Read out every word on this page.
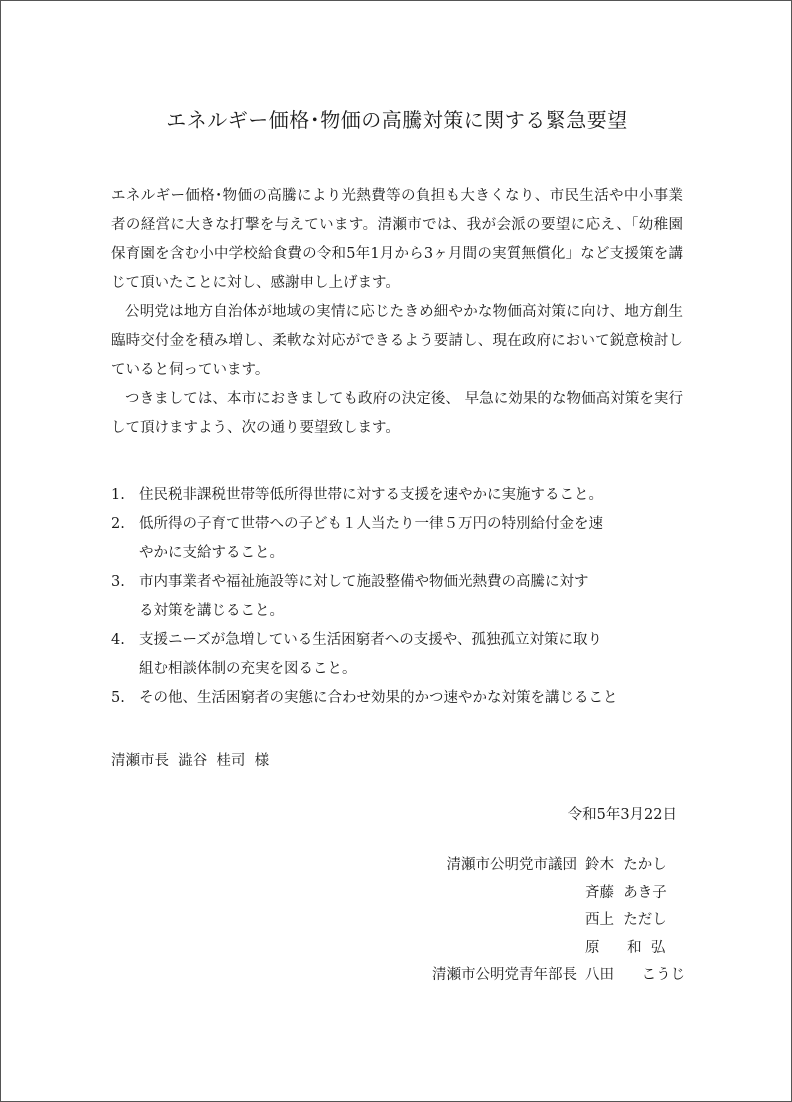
エネルギー価格･物価の高騰対策に関する緊急要望

エネルギー価格･物価の高騰により光熱費等の負担も大きくなり、市民生活や中小事業者の経営に大きな打撃を与えています。清瀬市では、我が会派の要望に応え、「幼稚園保育園を含む小中学校給食費の令和5年1月から3ヶ月間の実質無償化」など支援策を講じて頂いたことに対し、感謝申し上げます。

公明党は地方自治体が地域の実情に応じたきめ細やかな物価高対策に向け、地方創生臨時交付金を積み増し、柔軟な対応ができるよう要請し、現在政府において鋭意検討していると伺っています。

つきましては、本市におきましても政府の決定後、 早急に効果的な物価高対策を実行して頂けますよう、次の通り要望致します。

1. 住民税非課税世帯等低所得世帯に対する支援を速やかに実施すること。
2. 低所得の子育て世帯への子ども１人当たり一律５万円の特別給付金を速
やかに支給すること。
3. 市内事業者や福祉施設等に対して施設整備や物価光熱費の高騰に対す
る対策を講じること。
4. 支援ニーズが急増している生活困窮者への支援や、孤独孤立対策に取り
組む相談体制の充実を図ること。
5. その他、生活困窮者の実態に合わせ効果的かつ速やかな対策を講じること
清瀬市長  澁谷  桂司  様
令和5年3月22日
清瀬市公明党市議団 鈴木  たかし
斉藤  あき子
西上  ただし
原      和  弘
清瀬市公明党青年部長 八田      こうじ
